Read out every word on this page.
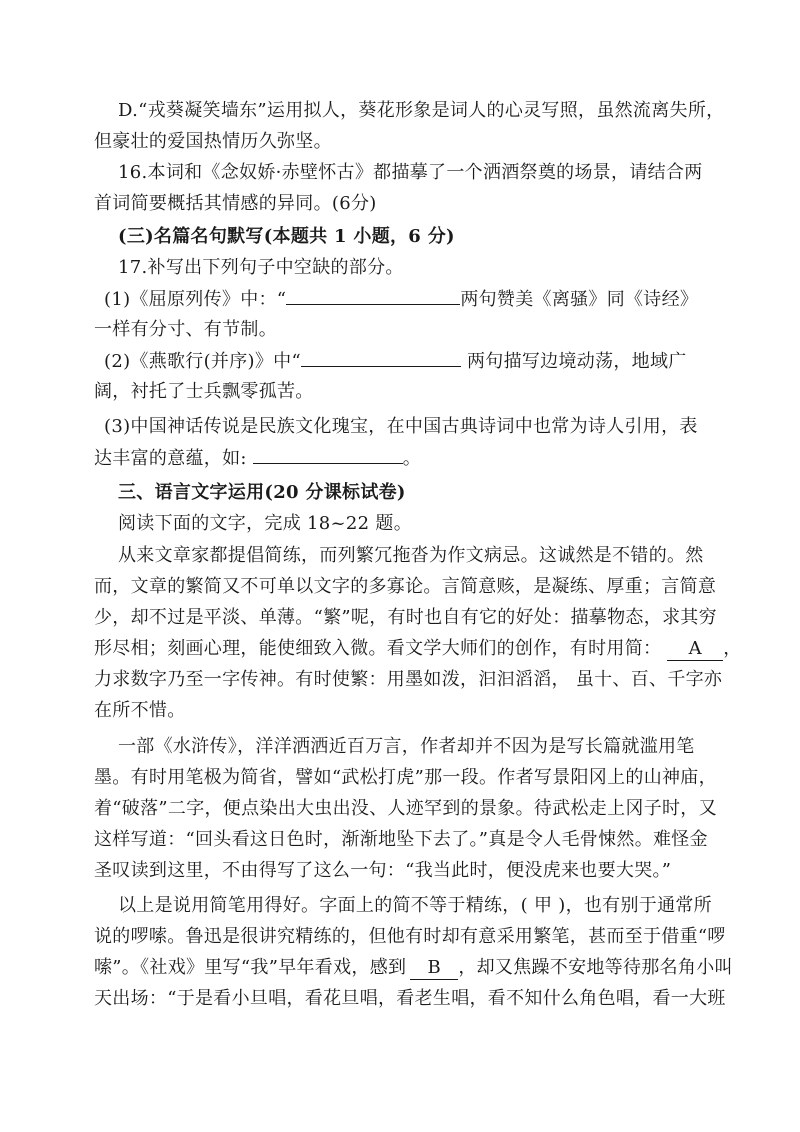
D.“戎葵凝笑墙东”运用拟人，葵花形象是词人的心灵写照，虽然流离失所，
但豪壮的爱国热情历久弥坚。
16.本词和《念奴娇·赤壁怀古》都描摹了一个洒酒祭奠的场景，请结合两
首词简要概括其情感的异同。(6分)
(三)名篇名句默写(本题共 1 小题，6 分)
17.补写出下列句子中空缺的部分。
(1)《屈原列传》中：“	两句赞美《离骚》同《诗经》
一样有分寸、有节制。
(2)《燕歌行(并序)》中“	两句描写边境动荡，地域广
阔，衬托了士兵飘零孤苦。
(3)中国神话传说是民族文化瑰宝，在中国古典诗词中也常为诗人引用，表
达丰富的意蕴，如:	。
三、语言文字运用(20 分课标试卷)
阅读下面的文字，完成 18~22 题。
从来文章家都提倡简练，而列繁冗拖沓为作文病忌。这诚然是不错的。然
而，文章的繁简又不可单以文字的多寡论。言简意赅，是凝练、厚重；言简意
少，却不过是平淡、单薄。“繁”呢，有时也自有它的好处：描摹物态，求其穷
形尽相；刻画心理，能使细致入微。看文学大师们的创作，有时用简： A ，
力求数字乃至一字传神。有时使繁：用墨如泼，汩汩滔滔， 虽十、百、千字亦
在所不惜。
一部《水浒传》，洋洋洒洒近百万言，作者却并不因为是写长篇就滥用笔
墨。有时用笔极为简省，譬如“武松打虎”那一段。作者写景阳冈上的山神庙，
着“破落”二字，便点染出大虫出没、人迹罕到的景象。待武松走上冈子时，又
这样写道：“回头看这日色时，渐渐地坠下去了。”真是令人毛骨悚然。难怪金
圣叹读到这里，不由得写了这么一句：“我当此时，便没虎来也要大哭。”
以上是说用简笔用得好。字面上的简不等于精练，( 甲 )，也有别于通常所
说的啰嗦。鲁迅是很讲究精练的，但他有时却有意采用繁笔，甚而至于借重“啰
嗦”。《社戏》里写“我”早年看戏，感到 B ，却又焦躁不安地等待那名角小叫
天出场：“于是看小旦唱，看花旦唱，看老生唱，看不知什么角色唱，看一大班
